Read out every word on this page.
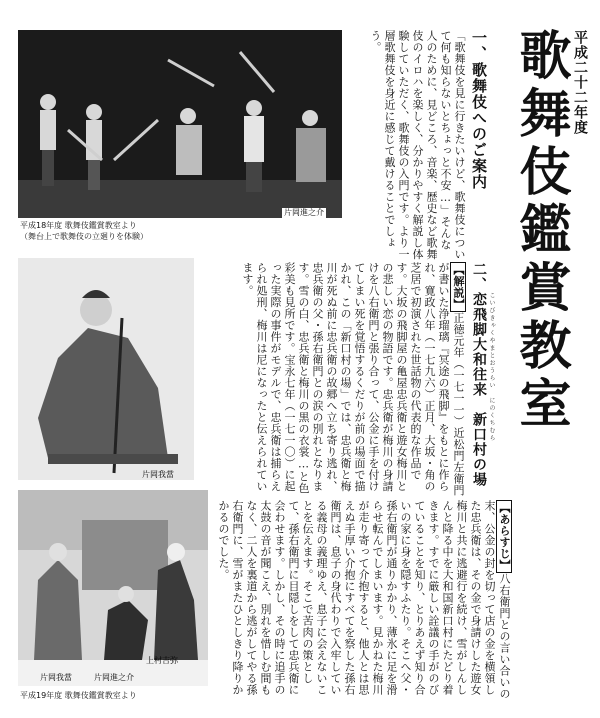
平成二十二年度
歌舞伎鑑賞教室
一、歌舞伎へのご案内
「歌舞伎を見に行きたいけど、歌舞伎について何も知らないとちょっと不安…」そんな人のために、見どころ、音楽、歴史など歌舞伎のイロハを楽しく、分かりやすく解説し体験していただく、歌舞伎の入門です。より一層歌舞伎を身近に感じて戴けることでしょう。
片岡進之介
平成18年度 歌舞伎鑑賞教室より
（舞台上で歌舞伎の立廻りを体験）
片岡我當	二、恋飛脚大和往来　新口村の場 こいびきゃくやまとおうらい　にのくちむら
【解説】正徳元年（一七一一）近松門左衛門が書いた浄瑠璃『冥途の飛脚』をもとに作られ、寛政八年（一七九六）正月、大坂・角の芝居で初演された世話物の代表的な作品です。大坂の飛脚屋の亀屋忠兵衛と遊女梅川との悲しい恋の物語です。忠兵衛が梅川の身請けを八右衛門と張り合って、公金に手を付けてしまい死を覚悟するくだりが前の場面で描かれ、この「新口村の場」では、忠兵衛と梅川が死ぬ前に忠兵衛の故郷へ立ち寄り逃れ、忠兵衛の父・孫右衛門との涙の別れとなります。雪の白、忠兵衛と梅川の黒の衣裳…と色彩美も見所です。宝永七年（一七一〇）に起った実際の事件がモデルで、忠兵衛は捕らえられ処刑、梅川は尼になったと伝えられています。
上村吉弥
片岡我當	片岡進之介
平成19年度 歌舞伎鑑賞教室より
【あらすじ】八右衛門との言い合いの末、公金の封を切って店の金を横領した忠兵衛は、その金で身請けした遊女梅川と共に逃避行を続け、雪がしんしんと降る中を大和国新口村にたどり着きます。すでに厳しい詮議の手がのびていることを知り、とりあえず知り合いの家に身を隠すふたり。そこへ父・孫右衛門が通りかかり、薄氷に足を滑らせ転んでしまいます。見かねた梅川が走り寄って介抱すると、他人とは思えぬ手厚い介抱にすべてを察した孫右衛門は、息子の身代わりで入牢している義母の義理ゆえ、息子に会えないことを伝えます。そこで苦肉の策として、孫右衛門に目隠しをして忠兵衛に会わせます。しかし、その時に追手の太鼓の音が聞こえ、別れを惜しむ間もなく、二人を裏道から逃がしてやる孫右衛門に、雪がまたひとしきり降りかかるのでした。
